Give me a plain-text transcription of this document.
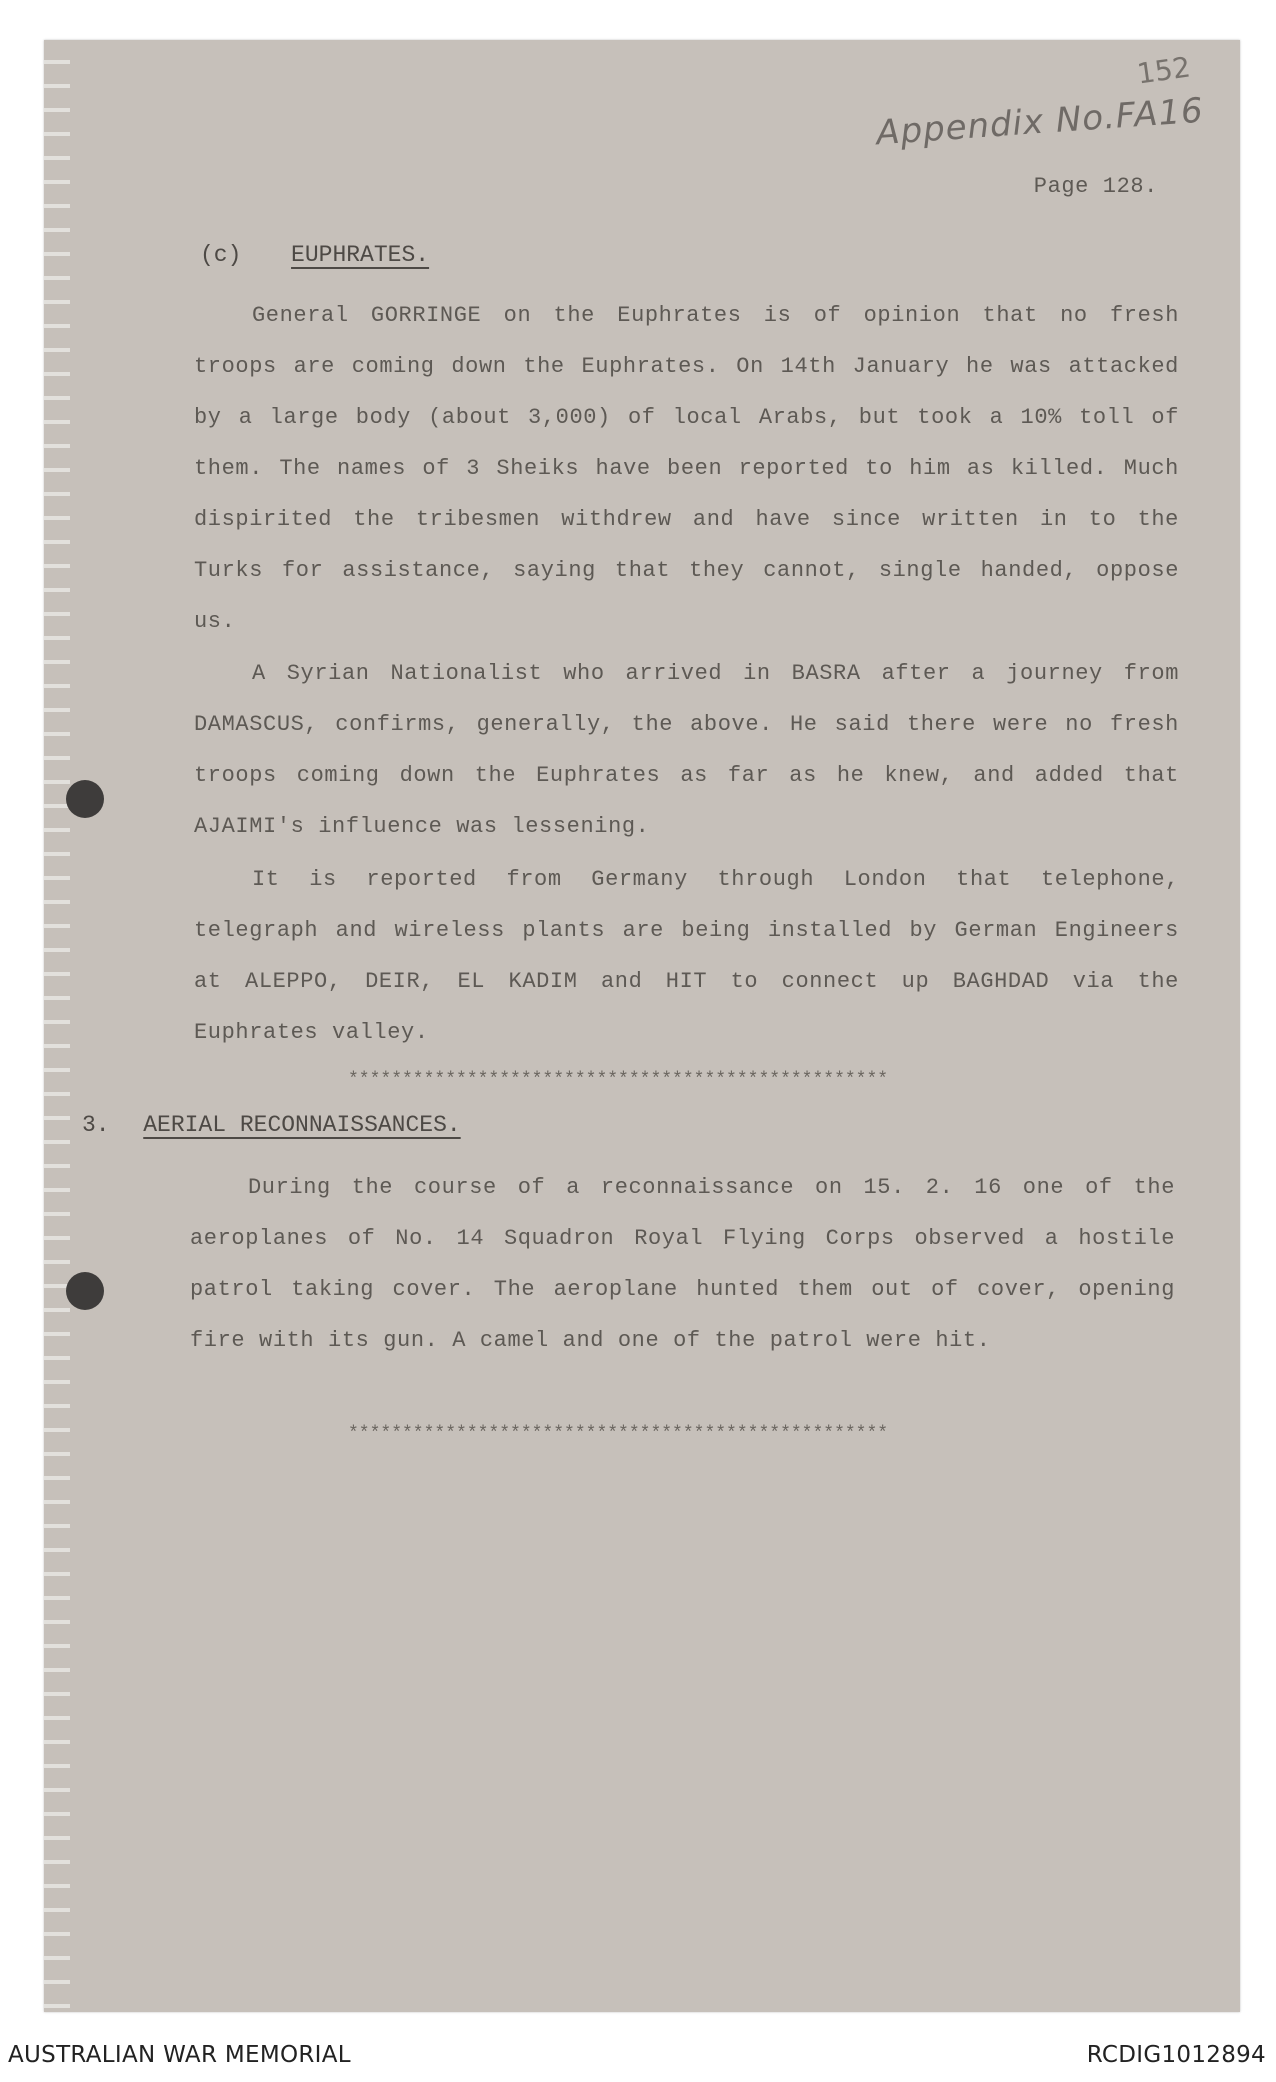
152
Appendix No.FA16
Page 128.
(c) EUPHRATES.

General GORRINGE on the Euphrates is of opinion that no fresh troops are coming down the Euphrates. On 14th January he was attacked by a large body (about 3,000) of local Arabs, but took a 10% toll of them. The names of 3 Sheiks have been reported to him as killed. Much dispirited the tribesmen withdrew and have since written in to the Turks for assistance, saying that they cannot, single handed, oppose us.

A Syrian Nationalist who arrived in BASRA after a journey from DAMASCUS, confirms, generally, the above. He said there were no fresh troops coming down the Euphrates as far as he knew, and added that AJAIMI's influence was lessening.

It is reported from Germany through London that telephone, telegraph and wireless plants are being installed by German Engineers at ALEPPO, DEIR, EL KADIM and HIT to connect up BAGHDAD via the Euphrates valley.

**************************************************
3. AERIAL RECONNAISSANCES.

During the course of a reconnaissance on 15. 2. 16 one of the aeroplanes of No. 14 Squadron Royal Flying Corps observed a hostile patrol taking cover. The aeroplane hunted them out of cover, opening fire with its gun. A camel and one of the patrol were hit.

**************************************************
AUSTRALIAN WAR MEMORIAL	RCDIG1012894
